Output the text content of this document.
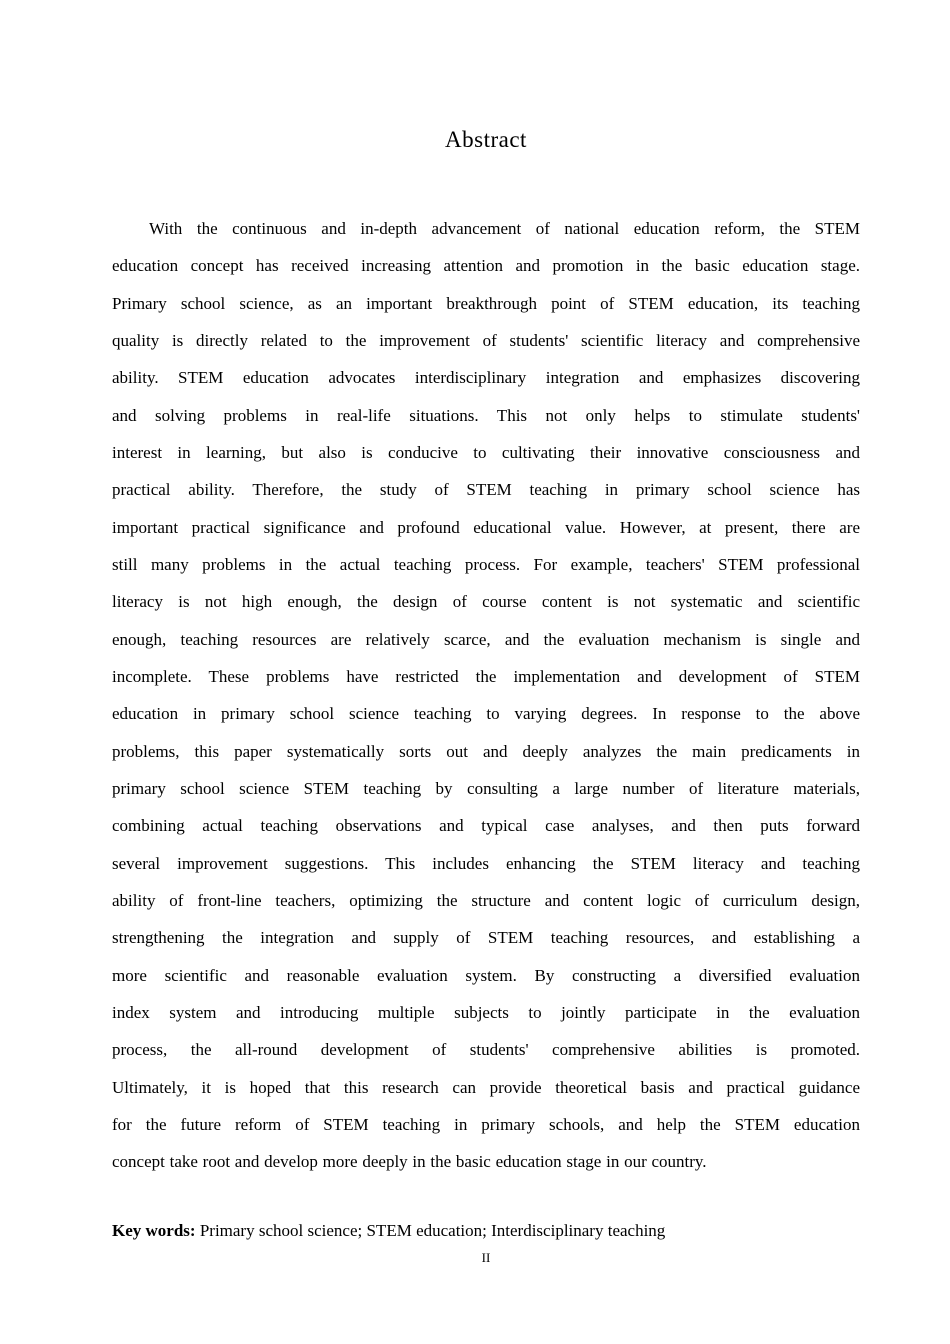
Abstract
With the continuous and in-depth advancement of national education reform, the STEM
education concept has received increasing attention and promotion in the basic education stage.
Primary school science, as an important breakthrough point of STEM education, its teaching
quality is directly related to the improvement of students' scientific literacy and comprehensive
ability. STEM education advocates interdisciplinary integration and emphasizes discovering
and solving problems in real-life situations. This not only helps to stimulate students'
interest in learning, but also is conducive to cultivating their innovative consciousness and
practical ability. Therefore, the study of STEM teaching in primary school science has
important practical significance and profound educational value. However, at present, there are
still many problems in the actual teaching process. For example, teachers' STEM professional
literacy is not high enough, the design of course content is not systematic and scientific
enough, teaching resources are relatively scarce, and the evaluation mechanism is single and
incomplete. These problems have restricted the implementation and development of STEM
education in primary school science teaching to varying degrees. In response to the above
problems, this paper systematically sorts out and deeply analyzes the main predicaments in
primary school science STEM teaching by consulting a large number of literature materials,
combining actual teaching observations and typical case analyses, and then puts forward
several improvement suggestions. This includes enhancing the STEM literacy and teaching
ability of front-line teachers, optimizing the structure and content logic of curriculum design,
strengthening the integration and supply of STEM teaching resources, and establishing a
more scientific and reasonable evaluation system. By constructing a diversified evaluation
index system and introducing multiple subjects to jointly participate in the evaluation
process, the all-round development of students' comprehensive abilities is promoted.
Ultimately, it is hoped that this research can provide theoretical basis and practical guidance
for the future reform of STEM teaching in primary schools, and help the STEM education
concept take root and develop more deeply in the basic education stage in our country.
Key words: Primary school science; STEM education; Interdisciplinary teaching
II
